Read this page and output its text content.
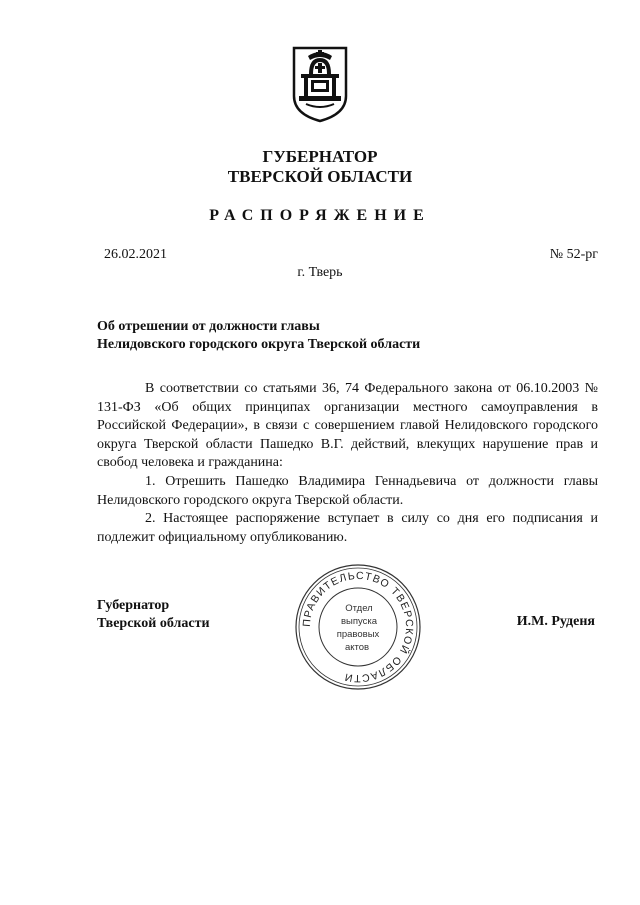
ГУБЕРНАТОР
ТВЕРСКОЙ ОБЛАСТИ
РАСПОРЯЖЕНИЕ
26.02.2021	№ 52-рг
г. Тверь
Об отрешении от должности главы
Нелидовского городского округа Тверской области

В соответствии со статьями 36, 74 Федерального закона от 06.10.2003 № 131-ФЗ «Об общих принципах организации местного самоуправления в Российской Федерации», в связи с совершением главой Нелидовского городского округа Тверской области Пашедко В.Г. действий, влекущих нарушение прав и свобод человека и гражданина:

1. Отрешить Пашедко Владимира Геннадьевича от должности главы Нелидовского городского округа Тверской области.

2. Настоящее распоряжение вступает в силу со дня его подписания и подлежит официальному опубликованию.

Губернатор
Тверской области	И.М. Руденя
ПРАВИТЕЛЬСТВО ТВЕРСКОЙ ОБЛАСТИ
Отдел
выпуска
правовых
актов
